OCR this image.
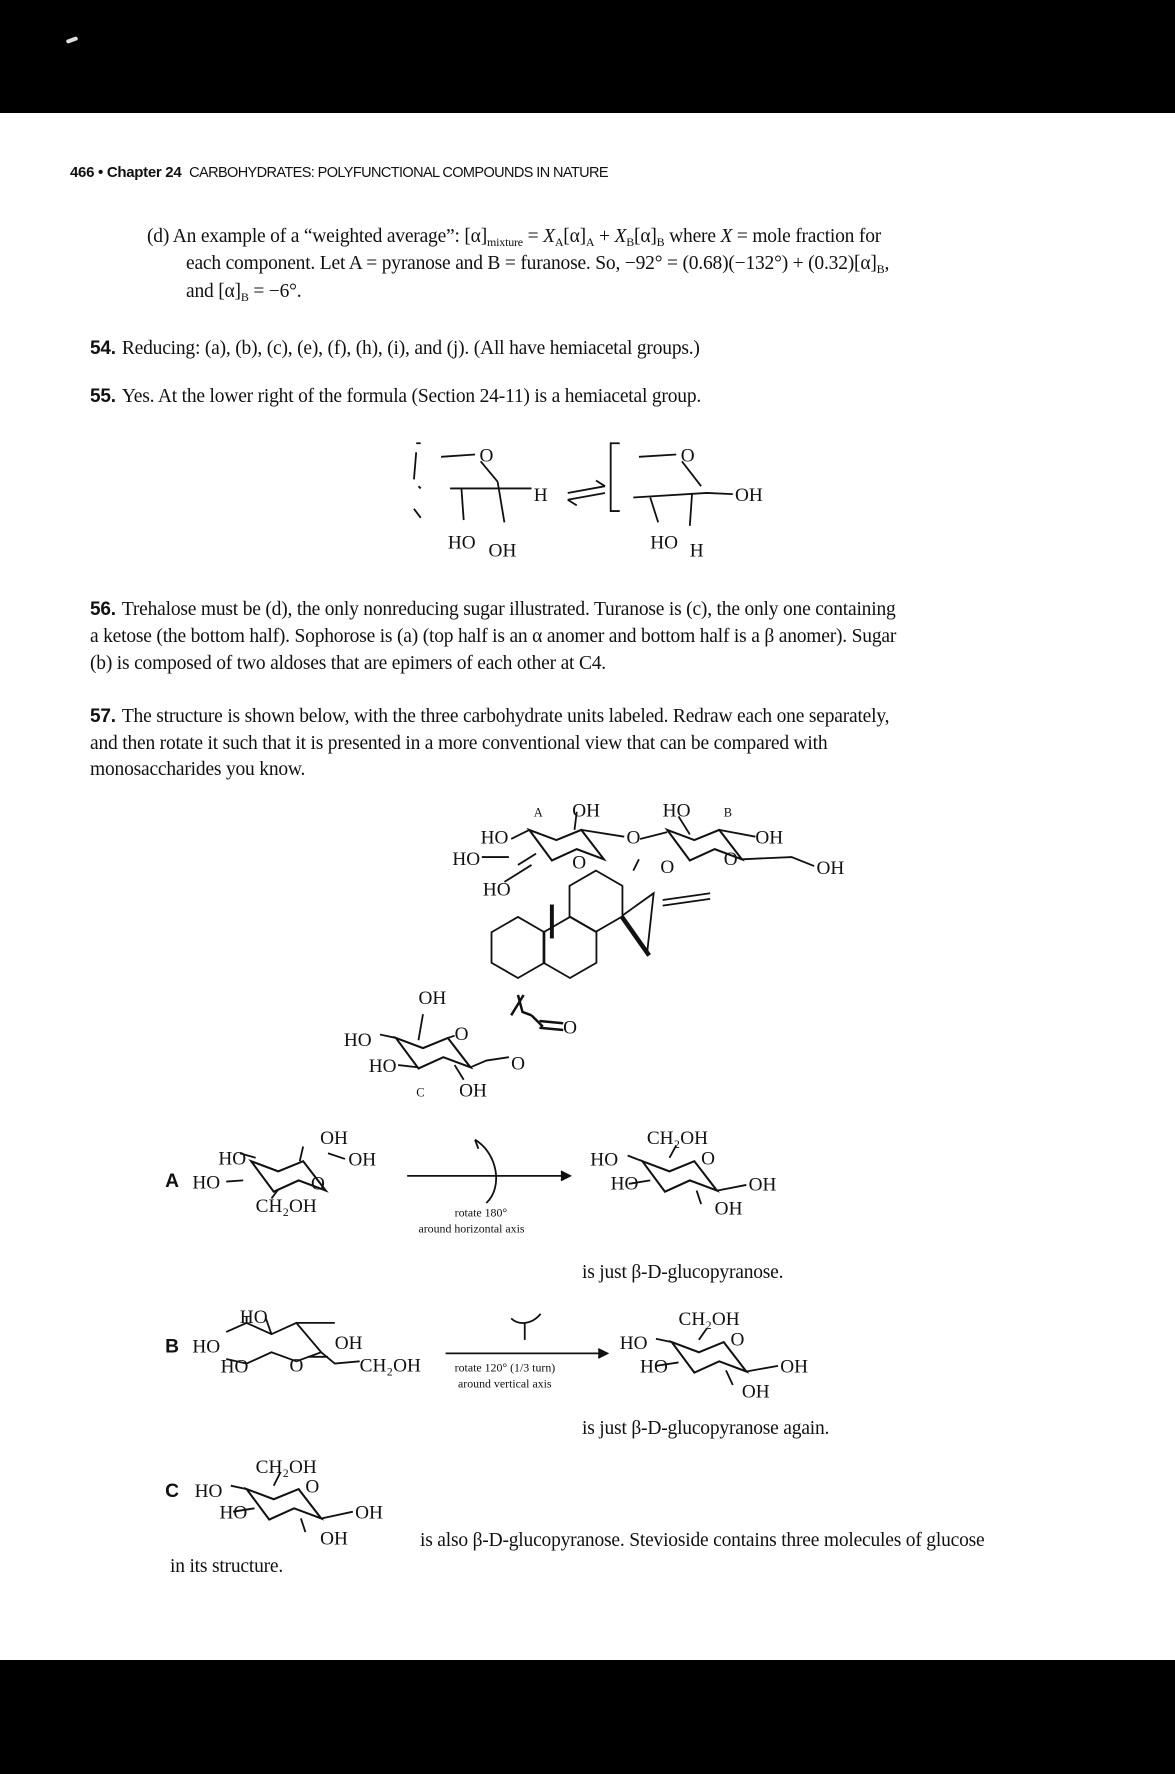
466 • Chapter 24 CARBOHYDRATES: POLYFUNCTIONAL COMPOUNDS IN NATURE
(d) An example of a “weighted average”: $[\alpha]_{mixture} = X_A[\alpha]_A + X_B[\alpha]_B$ where X = mole fraction for
each component. Let A = pyranose and B = furanose. So, $-92^\circ = (0.68)(-132^\circ) + (0.32)[\alpha]_B$,
and $[\alpha]_B = -6^\circ$.
54. Reducing: (a), (b), (c), (e), (f), (h), (i), and (j). (All have hemiacetal groups.)
55. Yes. At the lower right of the formula (Section 24-11) is a hemiacetal group.
56. Trehalose must be (d), the only nonreducing sugar illustrated. Turanose is (c), the only one containing
a ketose (the bottom half). Sophorose is (a) (top half is an α anomer and bottom half is a β anomer). Sugar
(b) is composed of two aldoses that are epimers of each other at C4.
57. The structure is shown below, with the three carbohydrate units labeled. Redraw each one separately,
and then rotate it such that it is presented in a more conventional view that can be compared with
monosaccharides you know.
is just β-D-glucopyranose.
is just β-D-glucopyranose again.
is also β-D-glucopyranose. Stevioside contains three molecules of glucose
in its structure.
O
H
HO OH
O
OH
HO H
A OH	HO	B
HO	O	OH
HO	O	O	O	OH
HO
O
OH
HO	O
HO	O
C OH
A
OH
HO	OH
HO	O
CH₂OH	rotate 180°
around horizontal axis
CH₂OH
HO	O
HO	OH
OH
B
HO
HO	OH
HO O	CH₂OH	rotate 120° (1/3 turn)
around vertical axis
CH₂OH
HO	O
HO	OH
OH
C
CH₂OH
HO	O
HO	OH
OH
